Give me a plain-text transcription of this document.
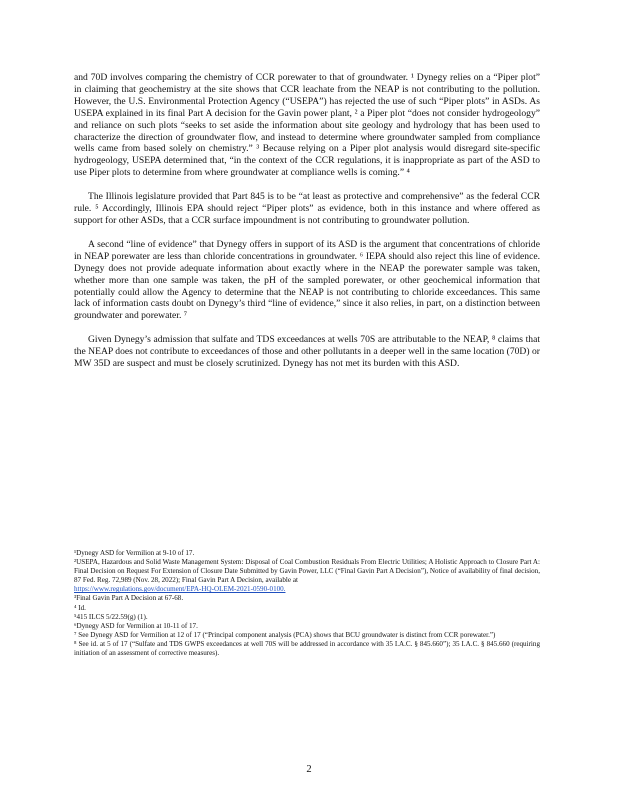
and 70D involves comparing the chemistry of CCR porewater to that of groundwater. ¹ Dynegy relies on a “Piper plot” in claiming that geochemistry at the site shows that CCR leachate from the NEAP is not contributing to the pollution. However, the U.S. Environmental Protection Agency (“USEPA”) has rejected the use of such “Piper plots” in ASDs. As USEPA explained in its final Part A decision for the Gavin power plant, ² a Piper plot “does not consider hydrogeology” and reliance on such plots “seeks to set aside the information about site geology and hydrology that has been used to characterize the direction of groundwater flow, and instead to determine where groundwater sampled from compliance wells came from based solely on chemistry.” ³ Because relying on a Piper plot analysis would disregard site-specific hydrogeology, USEPA determined that, “in the context of the CCR regulations, it is inappropriate as part of the ASD to use Piper plots to determine from where groundwater at compliance wells is coming.” ⁴

The Illinois legislature provided that Part 845 is to be “at least as protective and comprehensive” as the federal CCR rule. ⁵ Accordingly, Illinois EPA should reject “Piper plots” as evidence, both in this instance and where offered as support for other ASDs, that a CCR surface impoundment is not contributing to groundwater pollution.

A second “line of evidence” that Dynegy offers in support of its ASD is the argument that concentrations of chloride in NEAP porewater are less than chloride concentrations in groundwater. ⁶ IEPA should also reject this line of evidence. Dynegy does not provide adequate information about exactly where in the NEAP the porewater sample was taken, whether more than one sample was taken, the pH of the sampled porewater, or other geochemical information that potentially could allow the Agency to determine that the NEAP is not contributing to chloride exceedances. This same lack of information casts doubt on Dynegy’s third “line of evidence,” since it also relies, in part, on a distinction between groundwater and porewater. ⁷

Given Dynegy’s admission that sulfate and TDS exceedances at wells 70S are attributable to the NEAP, ⁸ claims that the NEAP does not contribute to exceedances of those and other pollutants in a deeper well in the same location (70D) or MW 35D are suspect and must be closely scrutinized. Dynegy has not met its burden with this ASD.

¹Dynegy ASD for Vermilion at 9-10 of 17.
²USEPA, Hazardous and Solid Waste Management System: Disposal of Coal Combustion Residuals From Electric Utilities; A Holistic Approach to Closure Part A: Final Decision on Request For Extension of Closure Date Submitted by Gavin Power, LLC (“Final Gavin Part A Decision”), Notice of availability of final decision, 87 Fed. Reg. 72,989 (Nov. 28, 2022); Final Gavin Part A Decision, available at
https://www.regulations.gov/document/EPA-HQ-OLEM-2021-0590-0100.
³Final Gavin Part A Decision at 67-68.
⁴ Id.
⁵415 ILCS 5/22.59(g) (1).
⁶Dynegy ASD for Vermilion at 10-11 of 17.
⁷ See Dynegy ASD for Vermilion at 12 of 17 (“Principal component analysis (PCA) shows that BCU groundwater is distinct from CCR porewater.”)
⁸ See id. at 5 of 17 (“Sulfate and TDS GWPS exceedances at well 70S will be addressed in accordance with 35 I.A.C. § 845.660”); 35 I.A.C. § 845.660 (requiring initiation of an assessment of corrective measures).
2
